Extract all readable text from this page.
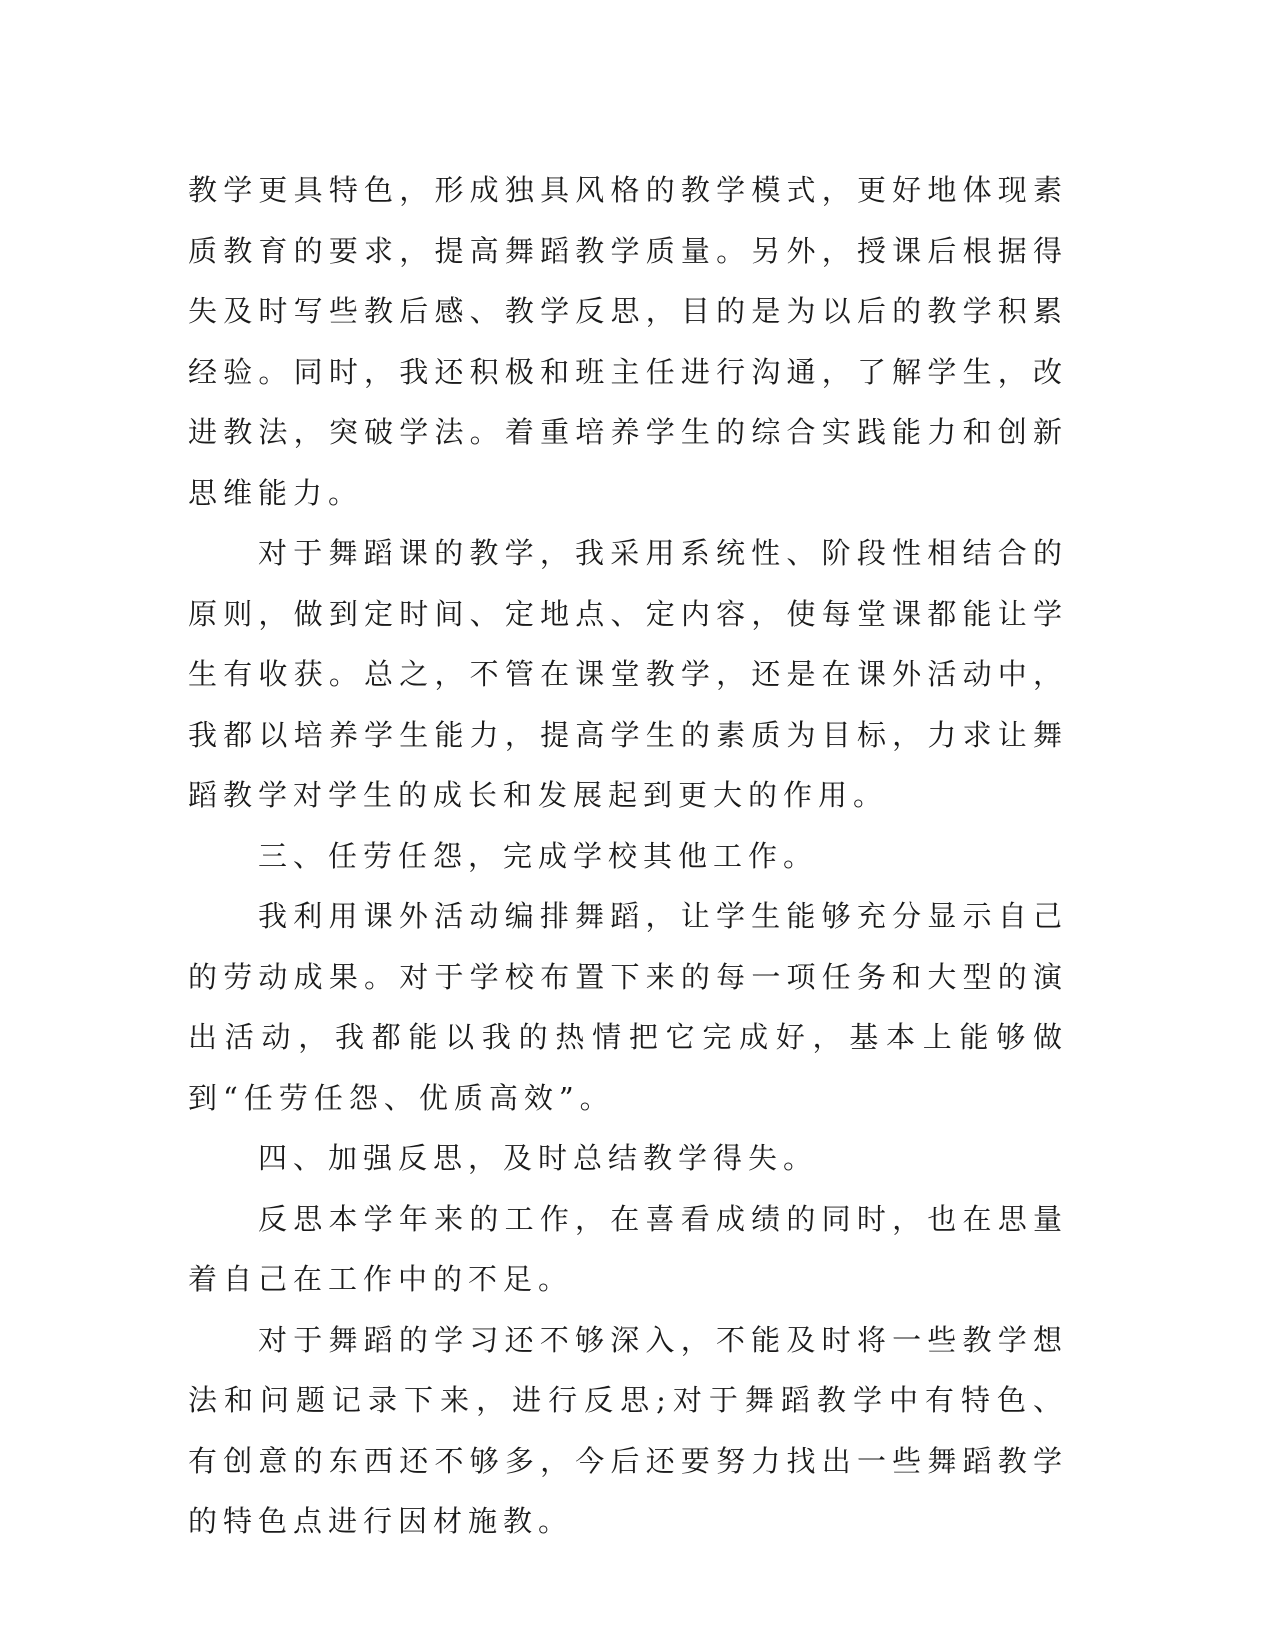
教学更具特色，形成独具风格的教学模式，更好地体现素质教育的要求，提高舞蹈教学质量。另外，授课后根据得失及时写些教后感、教学反思，目的是为以后的教学积累经验。同时，我还积极和班主任进行沟通，了解学生，改进教法，突破学法。着重培养学生的综合实践能力和创新思维能力。

对于舞蹈课的教学，我采用系统性、阶段性相结合的原则，做到定时间、定地点、定内容，使每堂课都能让学生有收获。总之，不管在课堂教学，还是在课外活动中，我都以培养学生能力，提高学生的素质为目标，力求让舞蹈教学对学生的成长和发展起到更大的作用。

三、任劳任怨，完成学校其他工作。

我利用课外活动编排舞蹈，让学生能够充分显示自己的劳动成果。对于学校布置下来的每一项任务和大型的演出活动，我都能以我的热情把它完成好，基本上能够做到“任劳任怨、优质高效”。

四、加强反思，及时总结教学得失。

反思本学年来的工作，在喜看成绩的同时，也在思量着自己在工作中的不足。

对于舞蹈的学习还不够深入，不能及时将一些教学想法和问题记录下来，进行反思;对于舞蹈教学中有特色、有创意的东西还不够多，今后还要努力找出一些舞蹈教学的特色点进行因材施教。
